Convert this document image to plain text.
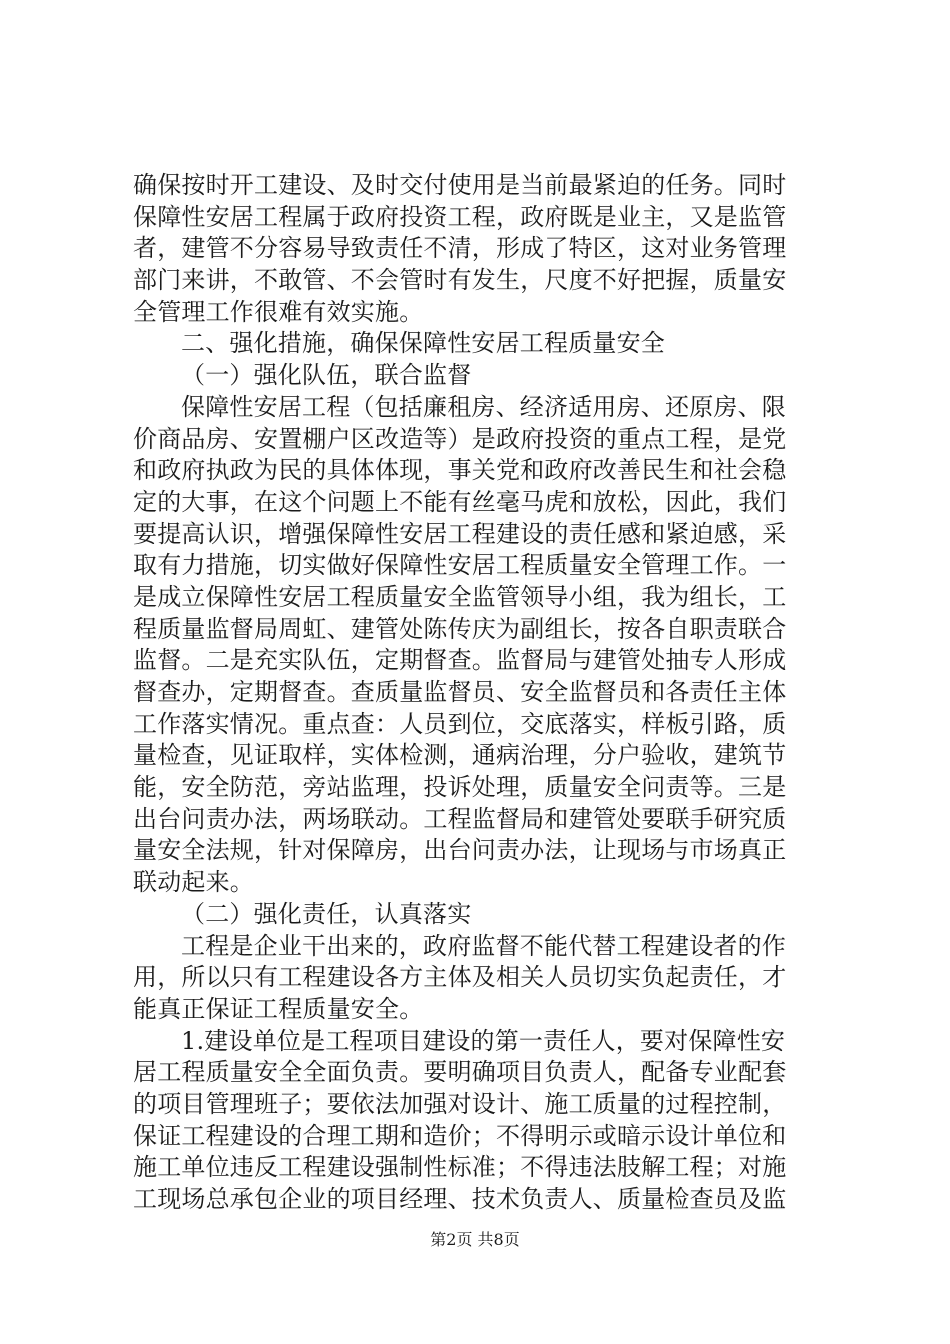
确保按时开工建设、及时交付使用是当前最紧迫的任务。同时
保障性安居工程属于政府投资工程，政府既是业主，又是监管
者，建管不分容易导致责任不清，形成了特区，这对业务管理
部门来讲，不敢管、不会管时有发生，尺度不好把握，质量安
全管理工作很难有效实施。
二、强化措施，确保保障性安居工程质量安全
（一）强化队伍，联合监督
保障性安居工程（包括廉租房、经济适用房、还原房、限
价商品房、安置棚户区改造等）是政府投资的重点工程，是党
和政府执政为民的具体体现，事关党和政府改善民生和社会稳
定的大事，在这个问题上不能有丝毫马虎和放松，因此，我们
要提高认识，增强保障性安居工程建设的责任感和紧迫感，采
取有力措施，切实做好保障性安居工程质量安全管理工作。一
是成立保障性安居工程质量安全监管领导小组，我为组长，工
程质量监督局周虹、建管处陈传庆为副组长，按各自职责联合
监督。二是充实队伍，定期督查。监督局与建管处抽专人形成
督查办，定期督查。查质量监督员、安全监督员和各责任主体
工作落实情况。重点查：人员到位，交底落实，样板引路，质
量检查，见证取样，实体检测，通病治理，分户验收，建筑节
能，安全防范，旁站监理，投诉处理，质量安全问责等。三是
出台问责办法，两场联动。工程监督局和建管处要联手研究质
量安全法规，针对保障房，出台问责办法，让现场与市场真正
联动起来。
（二）强化责任，认真落实
工程是企业干出来的，政府监督不能代替工程建设者的作
用，所以只有工程建设各方主体及相关人员切实负起责任，才
能真正保证工程质量安全。
1.建设单位是工程项目建设的第一责任人，要对保障性安
居工程质量安全全面负责。要明确项目负责人，配备专业配套
的项目管理班子；要依法加强对设计、施工质量的过程控制，
保证工程建设的合理工期和造价；不得明示或暗示设计单位和
施工单位违反工程建设强制性标准；不得违法肢解工程；对施
工现场总承包企业的项目经理、技术负责人、质量检查员及监
第2页 共8页
